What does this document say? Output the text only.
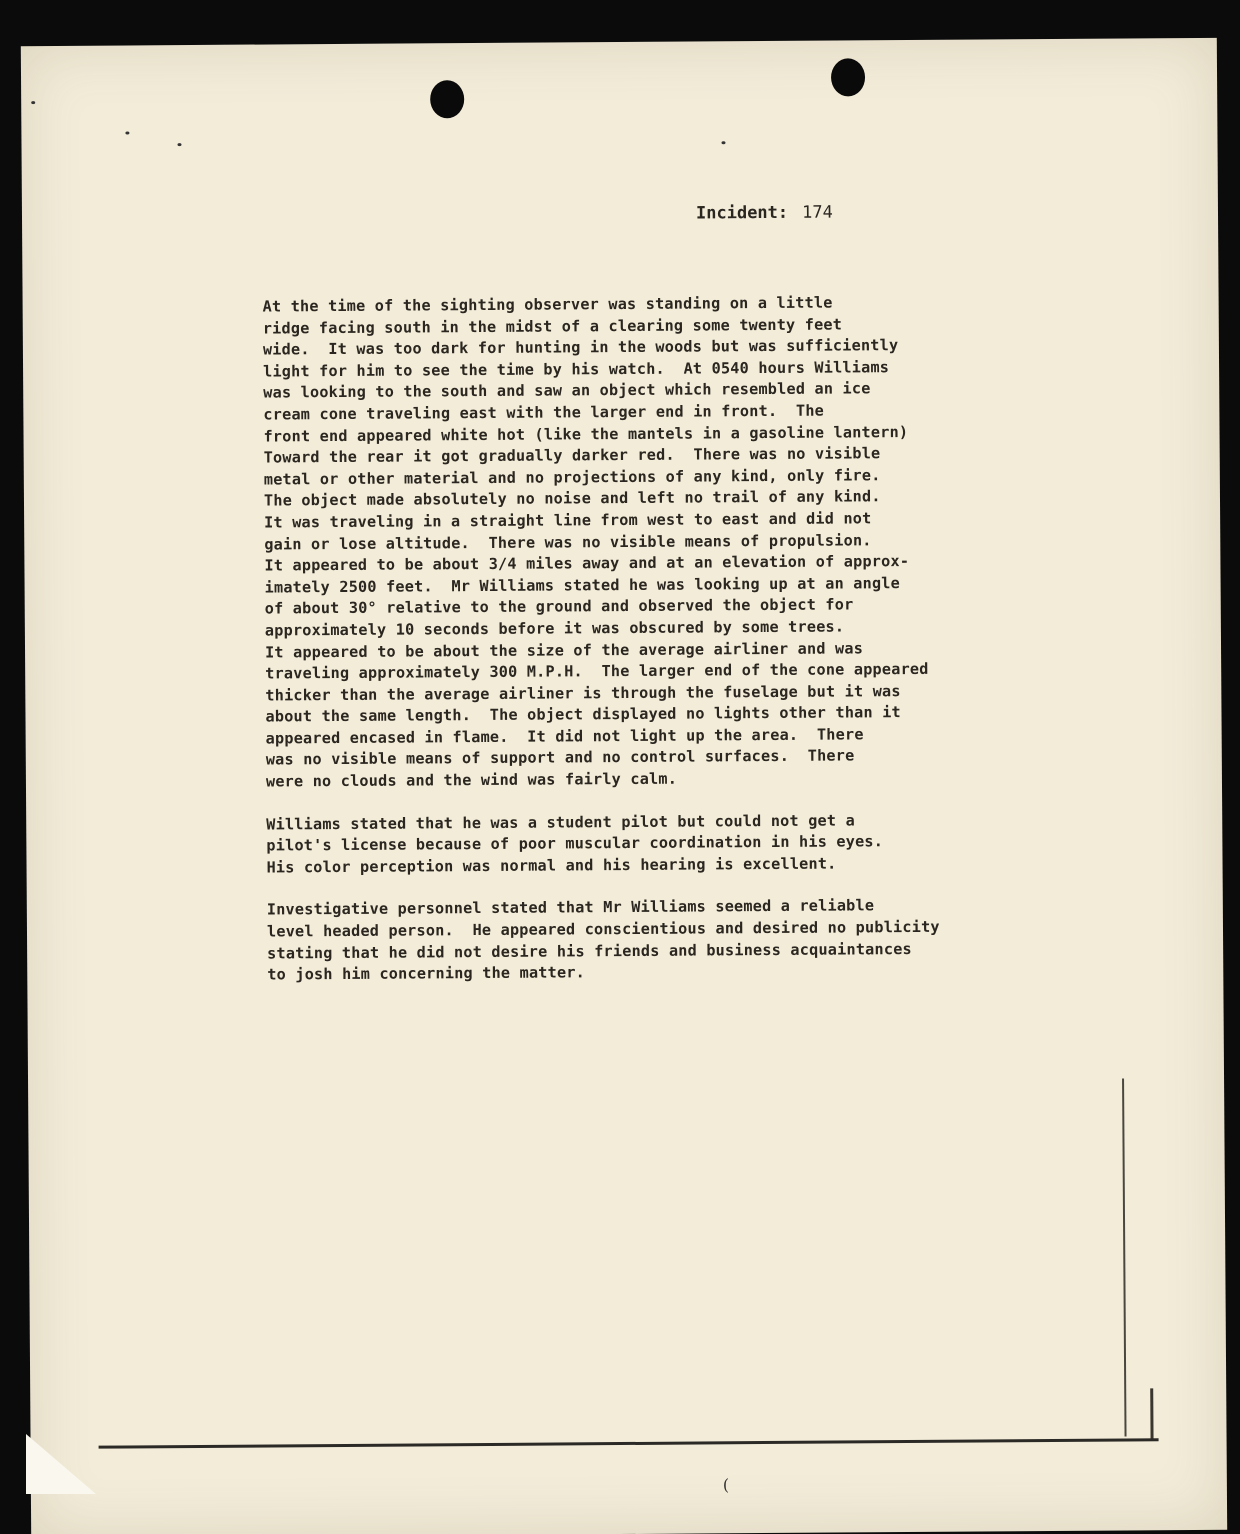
Incident: 174
At the time of the sighting observer was standing on a little
ridge facing south in the midst of a clearing some twenty feet
wide.  It was too dark for hunting in the woods but was sufficiently
light for him to see the time by his watch.  At 0540 hours Williams
was looking to the south and saw an object which resembled an ice
cream cone traveling east with the larger end in front.  The
front end appeared white hot (like the mantels in a gasoline lantern)
Toward the rear it got gradually darker red.  There was no visible
metal or other material and no projections of any kind, only fire.
The object made absolutely no noise and left no trail of any kind.
It was traveling in a straight line from west to east and did not
gain or lose altitude.  There was no visible means of propulsion.
It appeared to be about 3/4 miles away and at an elevation of approx-
imately 2500 feet.  Mr Williams stated he was looking up at an angle
of about 30° relative to the ground and observed the object for
approximately 10 seconds before it was obscured by some trees.
It appeared to be about the size of the average airliner and was
traveling approximately 300 M.P.H.  The larger end of the cone appeared
thicker than the average airliner is through the fuselage but it was
about the same length.  The object displayed no lights other than it
appeared encased in flame.  It did not light up the area.  There
was no visible means of support and no control surfaces.  There
were no clouds and the wind was fairly calm.
Williams stated that he was a student pilot but could not get a
pilot's license because of poor muscular coordination in his eyes.
His color perception was normal and his hearing is excellent.
Investigative personnel stated that Mr Williams seemed a reliable
level headed person.  He appeared conscientious and desired no publicity
stating that he did not desire his friends and business acquaintances
to josh him concerning the matter.
(
